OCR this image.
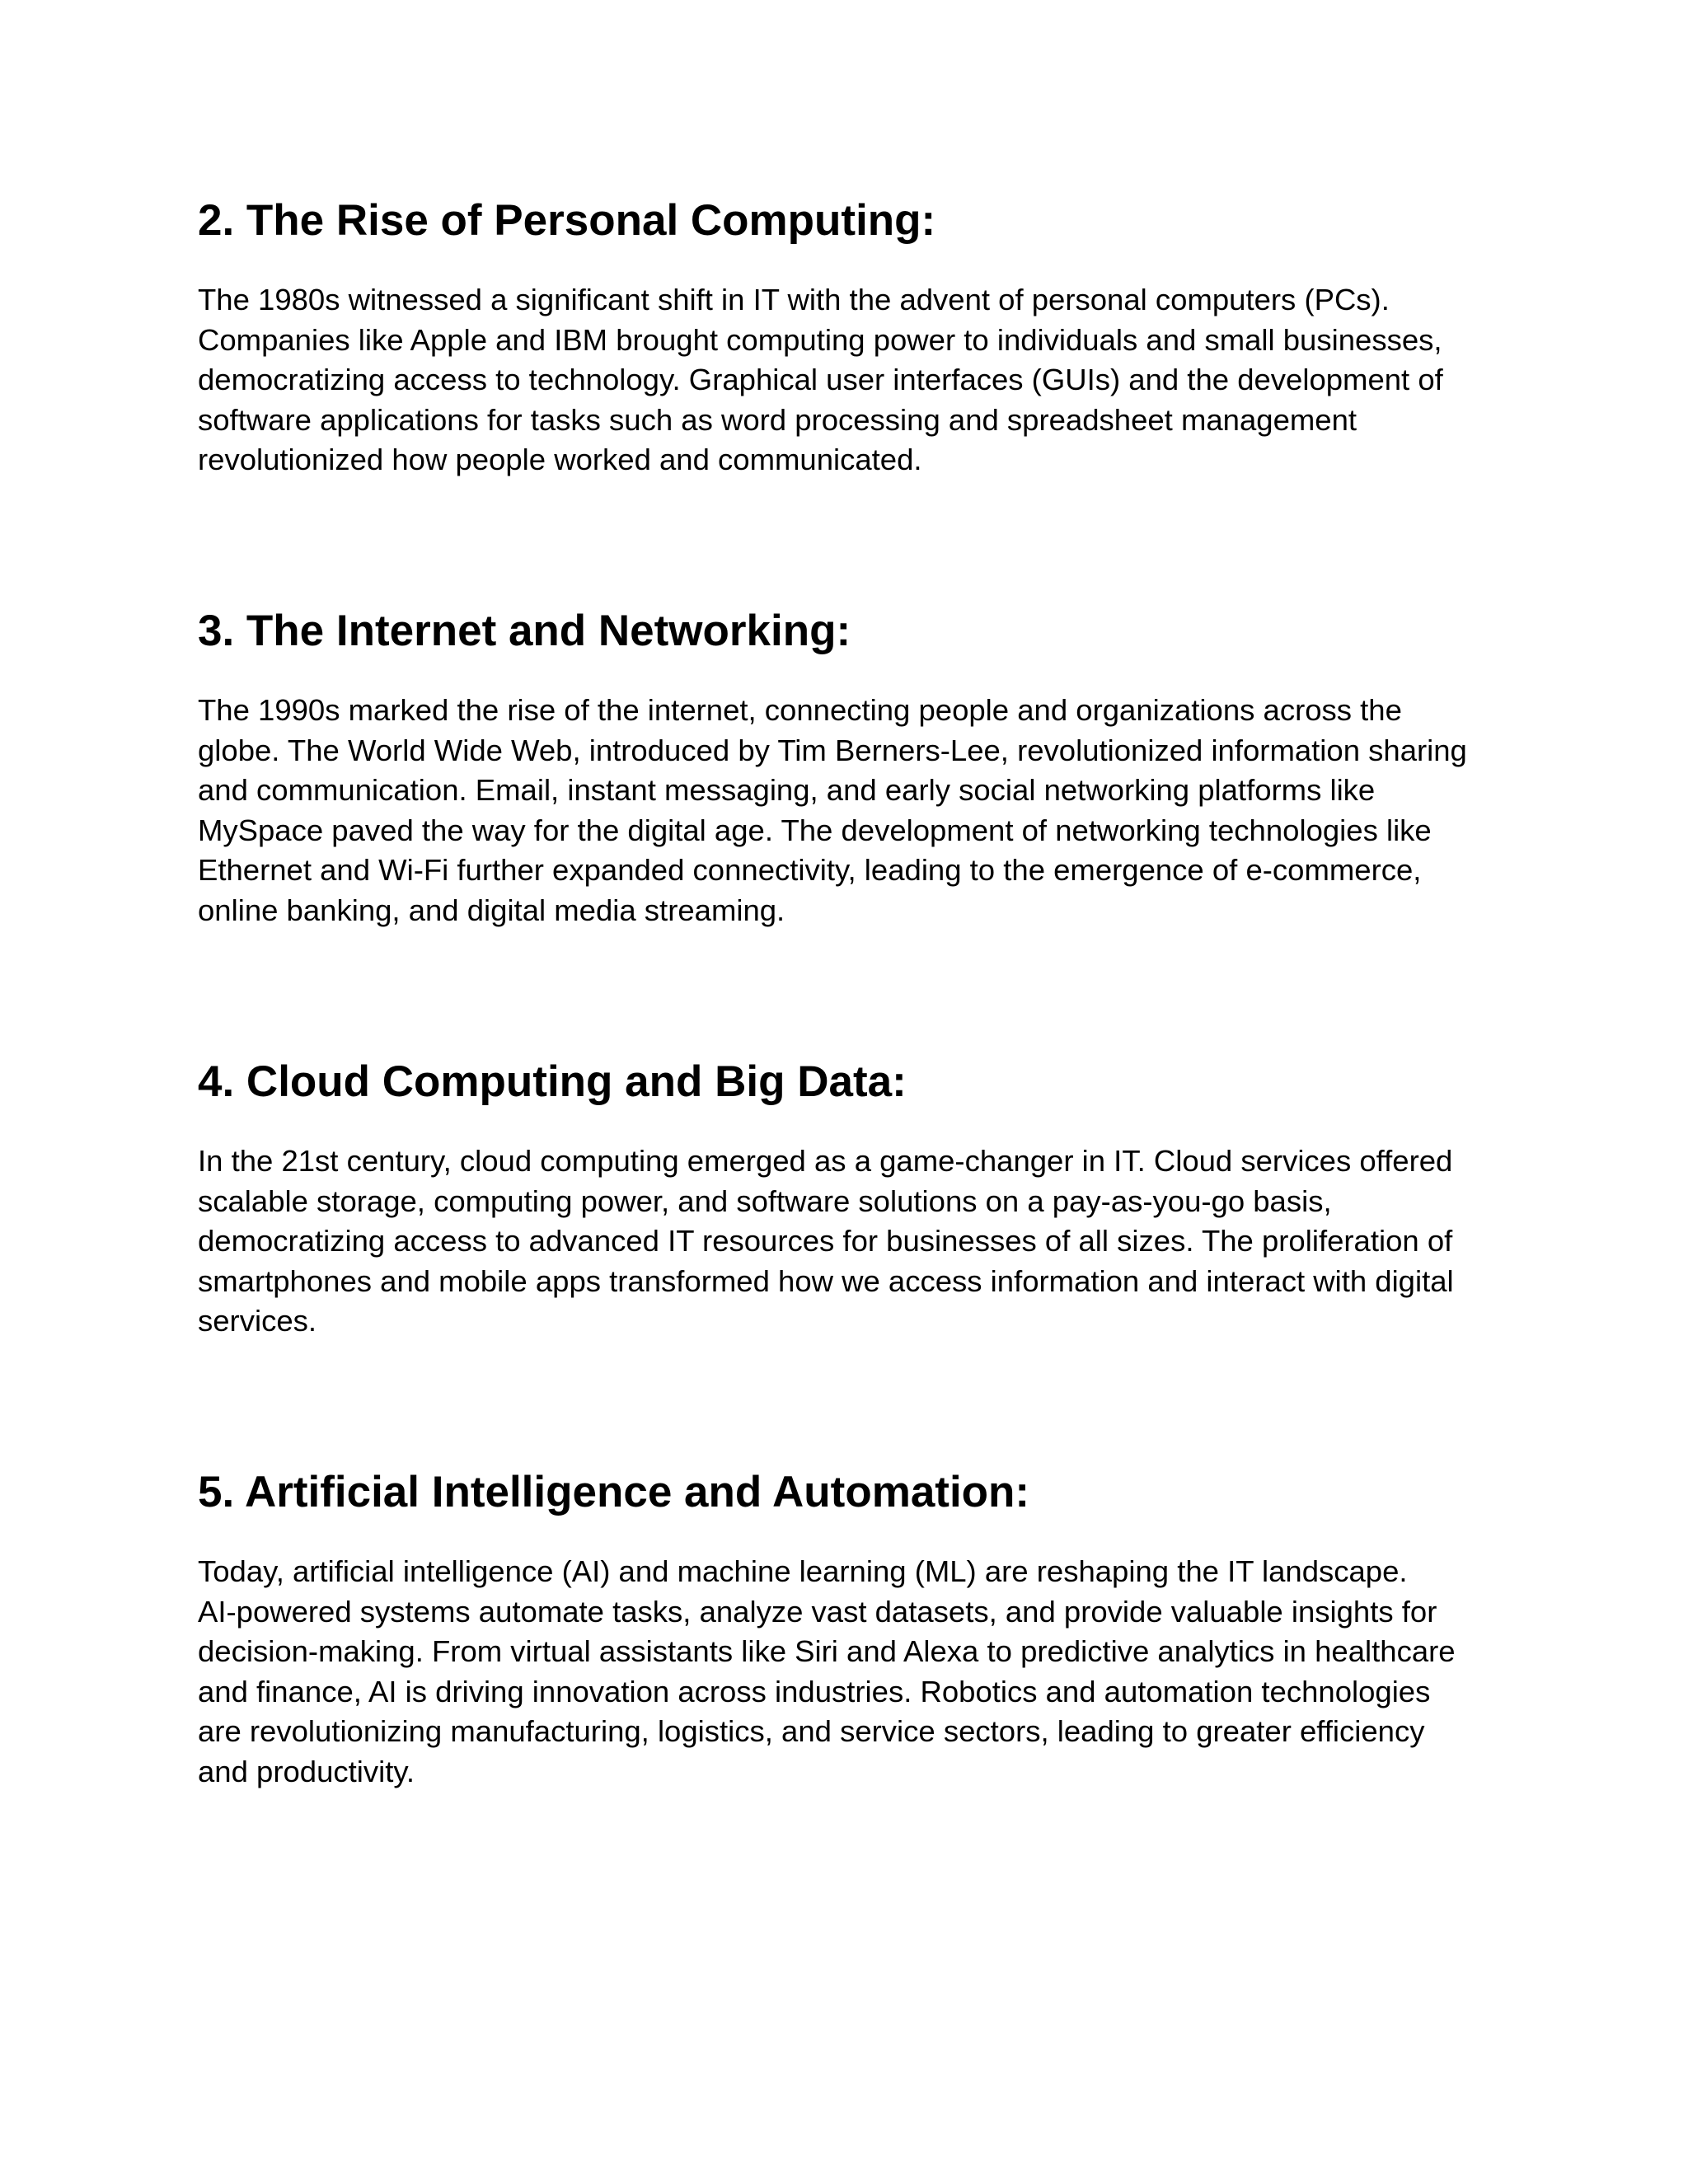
2. The Rise of Personal Computing:

The 1980s witnessed a significant shift in IT with the advent of personal computers (PCs).
Companies like Apple and IBM brought computing power to individuals and small businesses,
democratizing access to technology. Graphical user interfaces (GUIs) and the development of
software applications for tasks such as word processing and spreadsheet management
revolutionized how people worked and communicated.

3. The Internet and Networking:

The 1990s marked the rise of the internet, connecting people and organizations across the
globe. The World Wide Web, introduced by Tim Berners-Lee, revolutionized information sharing
and communication. Email, instant messaging, and early social networking platforms like
MySpace paved the way for the digital age. The development of networking technologies like
Ethernet and Wi-Fi further expanded connectivity, leading to the emergence of e-commerce,
online banking, and digital media streaming.

4. Cloud Computing and Big Data:

In the 21st century, cloud computing emerged as a game-changer in IT. Cloud services offered
scalable storage, computing power, and software solutions on a pay-as-you-go basis,
democratizing access to advanced IT resources for businesses of all sizes. The proliferation of
smartphones and mobile apps transformed how we access information and interact with digital
services.

5. Artificial Intelligence and Automation:

Today, artificial intelligence (AI) and machine learning (ML) are reshaping the IT landscape.
AI-powered systems automate tasks, analyze vast datasets, and provide valuable insights for
decision-making. From virtual assistants like Siri and Alexa to predictive analytics in healthcare
and finance, AI is driving innovation across industries. Robotics and automation technologies
are revolutionizing manufacturing, logistics, and service sectors, leading to greater efficiency
and productivity.
